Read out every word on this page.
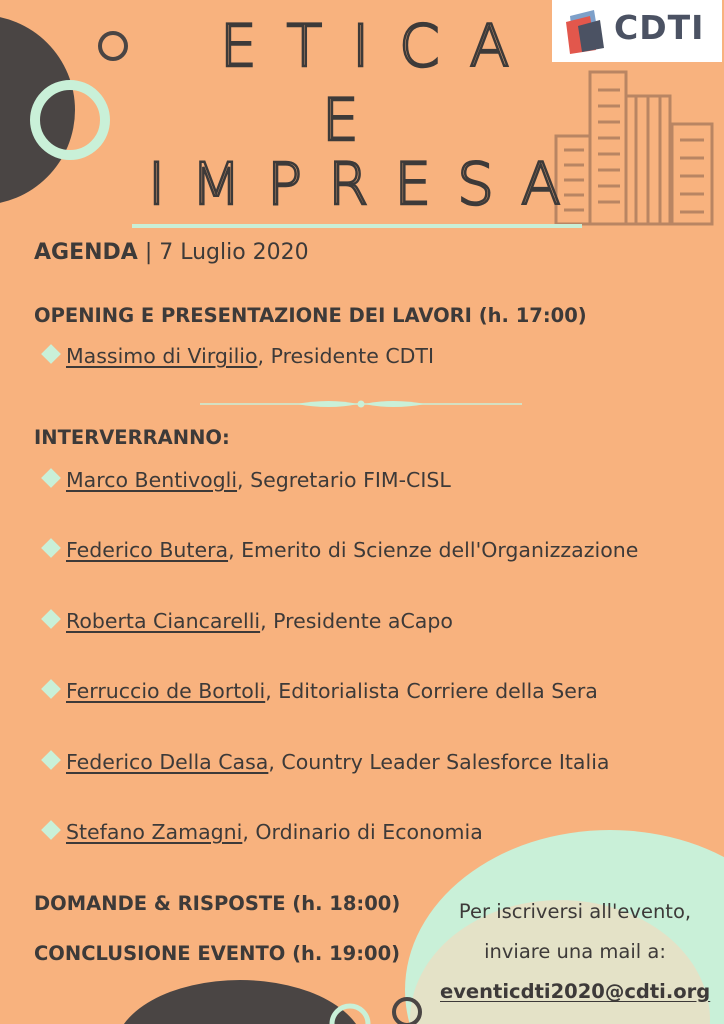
CDTI
ETICA
E
IMPRESA
AGENDA | 7 Luglio 2020
OPENING E PRESENTAZIONE DEI LAVORI (h. 17:00)
Massimo di Virgilio, Presidente CDTI
INTERVERRANNO:
Marco Bentivogli, Segretario FIM-CISL
Federico Butera, Emerito di Scienze dell'Organizzazione
Roberta Ciancarelli, Presidente aCapo
Ferruccio de Bortoli, Editorialista Corriere della Sera
Federico Della Casa, Country Leader Salesforce Italia
Stefano Zamagni, Ordinario di Economia
DOMANDE & RISPOSTE (h. 18:00)
CONCLUSIONE EVENTO (h. 19:00)
Per iscriversi all'evento,
inviare una mail a:
eventicdti2020@cdti.org
